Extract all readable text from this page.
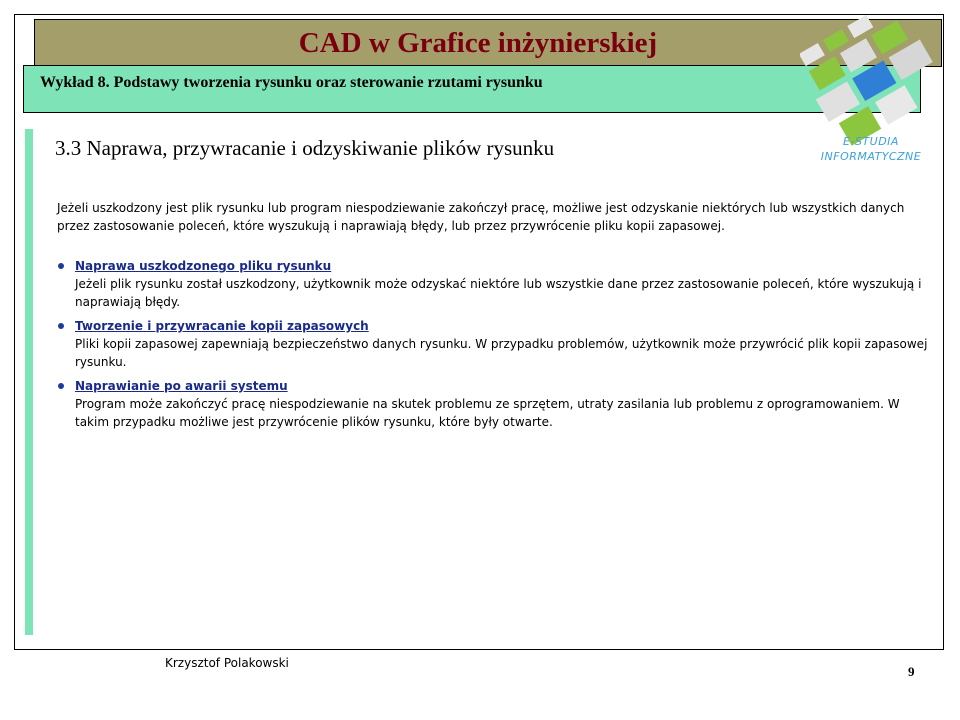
CAD w Grafice inżynierskiej
Wykład 8. Podstawy tworzenia rysunku oraz sterowanie rzutami rysunku
E-STUDIA
INFORMATYCZNE
3.3 Naprawa, przywracanie i odzyskiwanie plików rysunku

Jeżeli uszkodzony jest plik rysunku lub program niespodziewanie zakończył pracę, możliwe jest odzyskanie niektórych lub wszystkich danych przez zastosowanie poleceń, które wyszukują i naprawiają błędy, lub przez przywrócenie pliku kopii zapasowej.

Naprawa uszkodzonego pliku rysunku
Jeżeli plik rysunku został uszkodzony, użytkownik może odzyskać niektóre lub wszystkie dane przez zastosowanie poleceń, które wyszukują i naprawiają błędy.
Tworzenie i przywracanie kopii zapasowych
Pliki kopii zapasowej zapewniają bezpieczeństwo danych rysunku. W przypadku problemów, użytkownik może przywrócić plik kopii zapasowej rysunku.
Naprawianie po awarii systemu
Program może zakończyć pracę niespodziewanie na skutek problemu ze sprzętem, utraty zasilania lub problemu z oprogramowaniem. W takim przypadku możliwe jest przywrócenie plików rysunku, które były otwarte.
Krzysztof Polakowski
9
